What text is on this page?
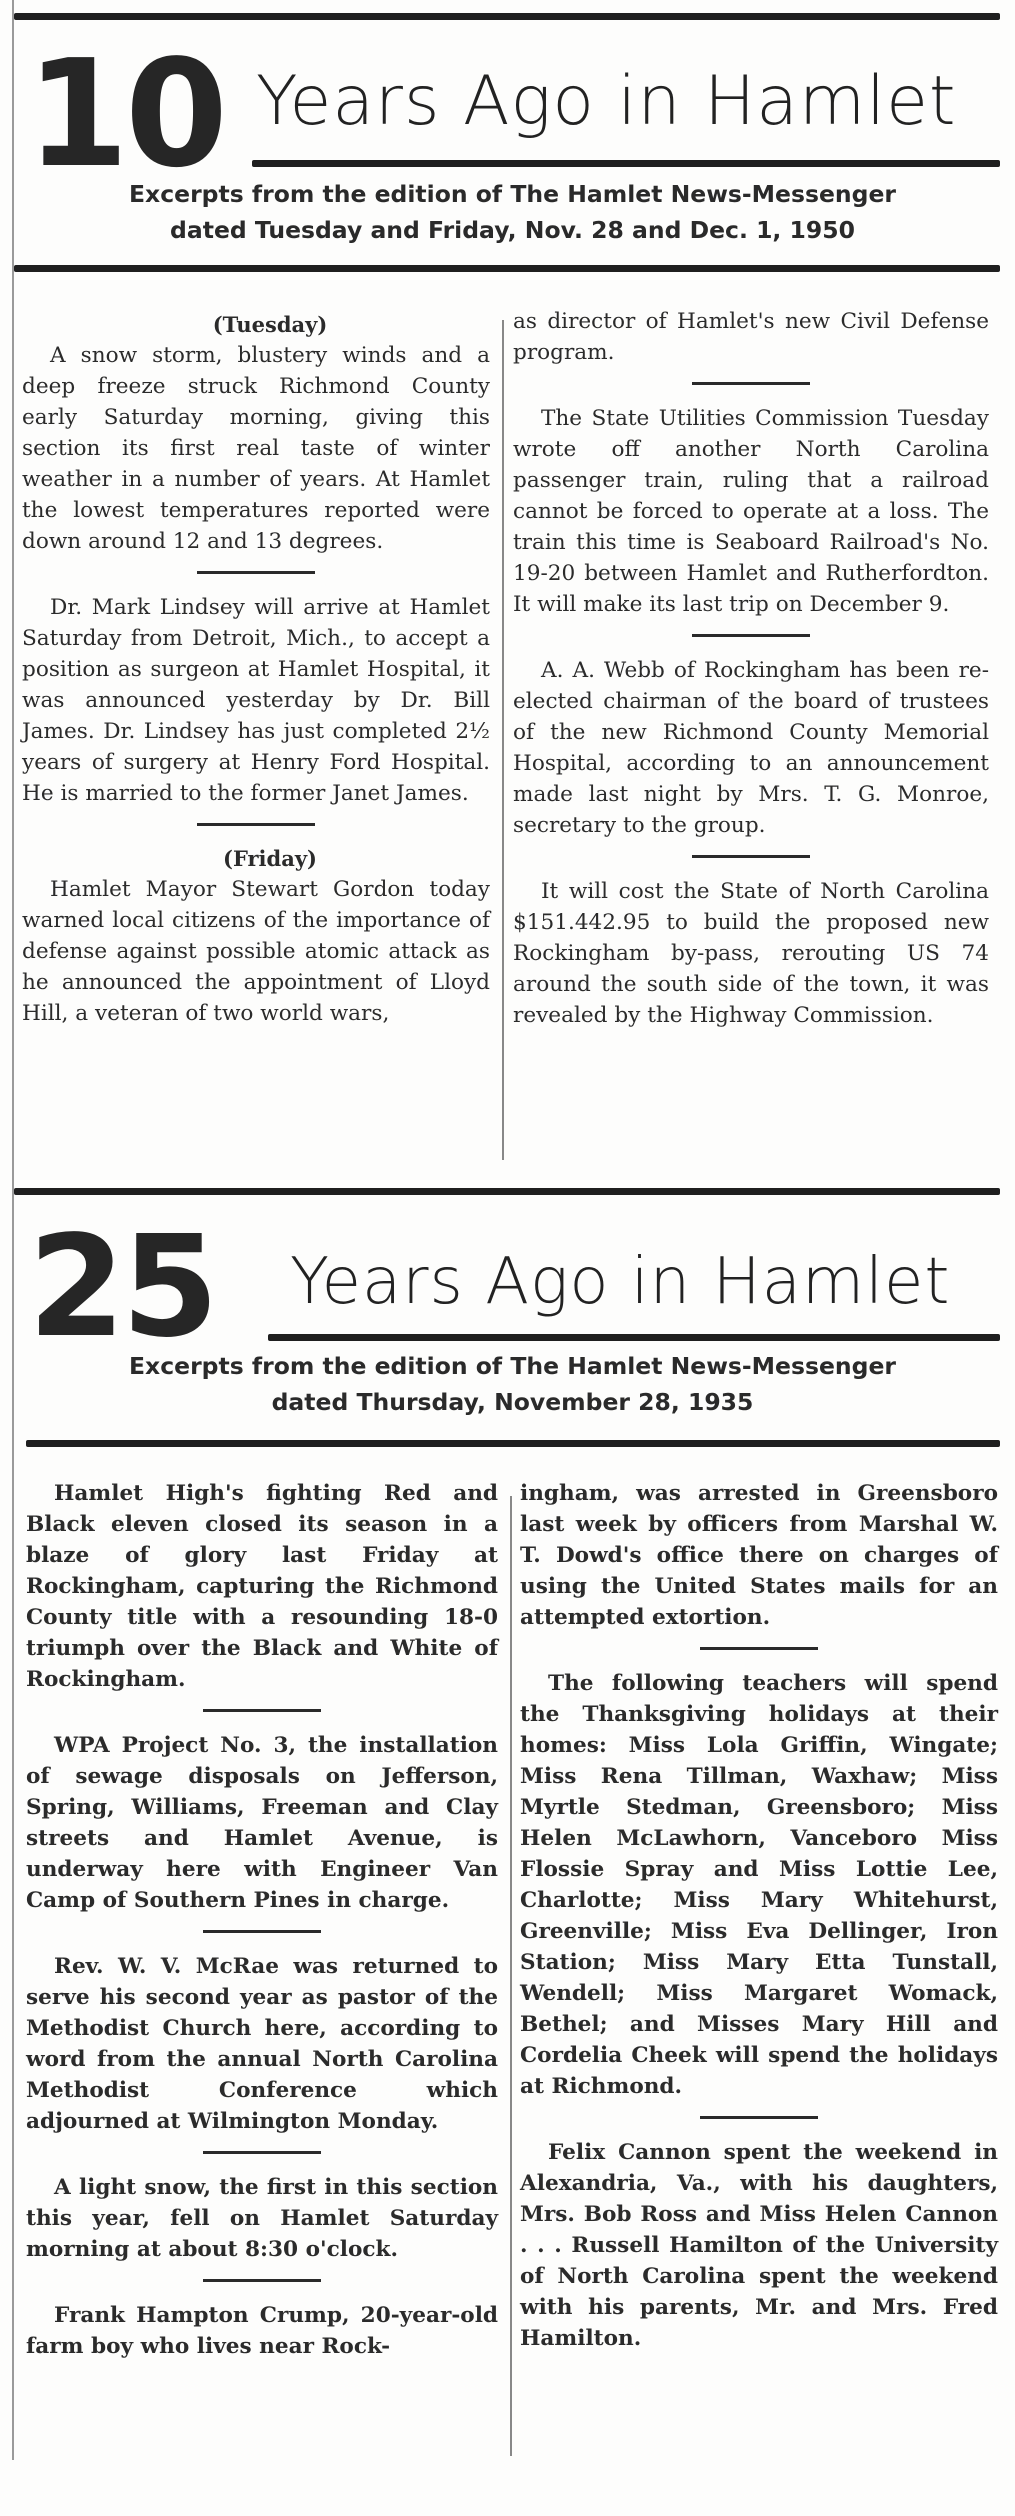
10 Years Ago in Hamlet
Excerpts from the edition of The Hamlet News-Messenger
dated Tuesday and Friday, Nov. 28 and Dec. 1, 1950

(Tuesday)

A snow storm, blustery winds and a deep freeze struck Richmond County early Saturday morning, giving this section its first real taste of winter weather in a number of years. At Hamlet the lowest temperatures reported were down around 12 and 13 degrees.

Dr. Mark Lindsey will arrive at Hamlet Saturday from Detroit, Mich., to accept a position as surgeon at Hamlet Hospital, it was announced yesterday by Dr. Bill James. Dr. Lindsey has just completed 2½ years of surgery at Henry Ford Hospital. He is married to the former Janet James.

(Friday)

Hamlet Mayor Stewart Gordon today warned local citizens of the importance of defense against possible atomic attack as he announced the appointment of Lloyd Hill, a veteran of two world wars,

as director of Hamlet's new Civil Defense program.

The State Utilities Commission Tuesday wrote off another North Carolina passenger train, ruling that a railroad cannot be forced to operate at a loss. The train this time is Seaboard Railroad's No. 19-20 between Hamlet and Rutherfordton. It will make its last trip on December 9.

A. A. Webb of Rockingham has been re-elected chairman of the board of trustees of the new Richmond County Memorial Hospital, according to an announcement made last night by Mrs. T. G. Monroe, secretary to the group.

It will cost the State of North Carolina $151.442.95 to build the proposed new Rockingham by-pass, rerouting US 74 around the south side of the town, it was revealed by the Highway Commission.

25 Years Ago in Hamlet
Excerpts from the edition of The Hamlet News-Messenger
dated Thursday, November 28, 1935

Hamlet High's fighting Red and Black eleven closed its season in a blaze of glory last Friday at Rockingham, capturing the Richmond County title with a resounding 18-0 triumph over the Black and White of Rockingham.

WPA Project No. 3, the installation of sewage disposals on Jefferson, Spring, Williams, Freeman and Clay streets and Hamlet Avenue, is underway here with Engineer Van Camp of Southern Pines in charge.

Rev. W. V. McRae was returned to serve his second year as pastor of the Methodist Church here, according to word from the annual North Carolina Methodist Conference which adjourned at Wilmington Monday.

A light snow, the first in this section this year, fell on Hamlet Saturday morning at about 8:30 o'clock.

Frank Hampton Crump, 20-year-old farm boy who lives near Rock-

ingham, was arrested in Greensboro last week by officers from Marshal W. T. Dowd's office there on charges of using the United States mails for an attempted extortion.

The following teachers will spend the Thanksgiving holidays at their homes: Miss Lola Griffin, Wingate; Miss Rena Tillman, Waxhaw; Miss Myrtle Stedman, Greensboro; Miss Helen McLawhorn, Vanceboro Miss Flossie Spray and Miss Lottie Lee, Charlotte; Miss Mary Whitehurst, Greenville; Miss Eva Dellinger, Iron Station; Miss Mary Etta Tunstall, Wendell; Miss Margaret Womack, Bethel; and Misses Mary Hill and Cordelia Cheek will spend the holidays at Richmond.

Felix Cannon spent the weekend in Alexandria, Va., with his daughters, Mrs. Bob Ross and Miss Helen Cannon . . . Russell Hamilton of the University of North Carolina spent the weekend with his parents, Mr. and Mrs. Fred Hamilton.
